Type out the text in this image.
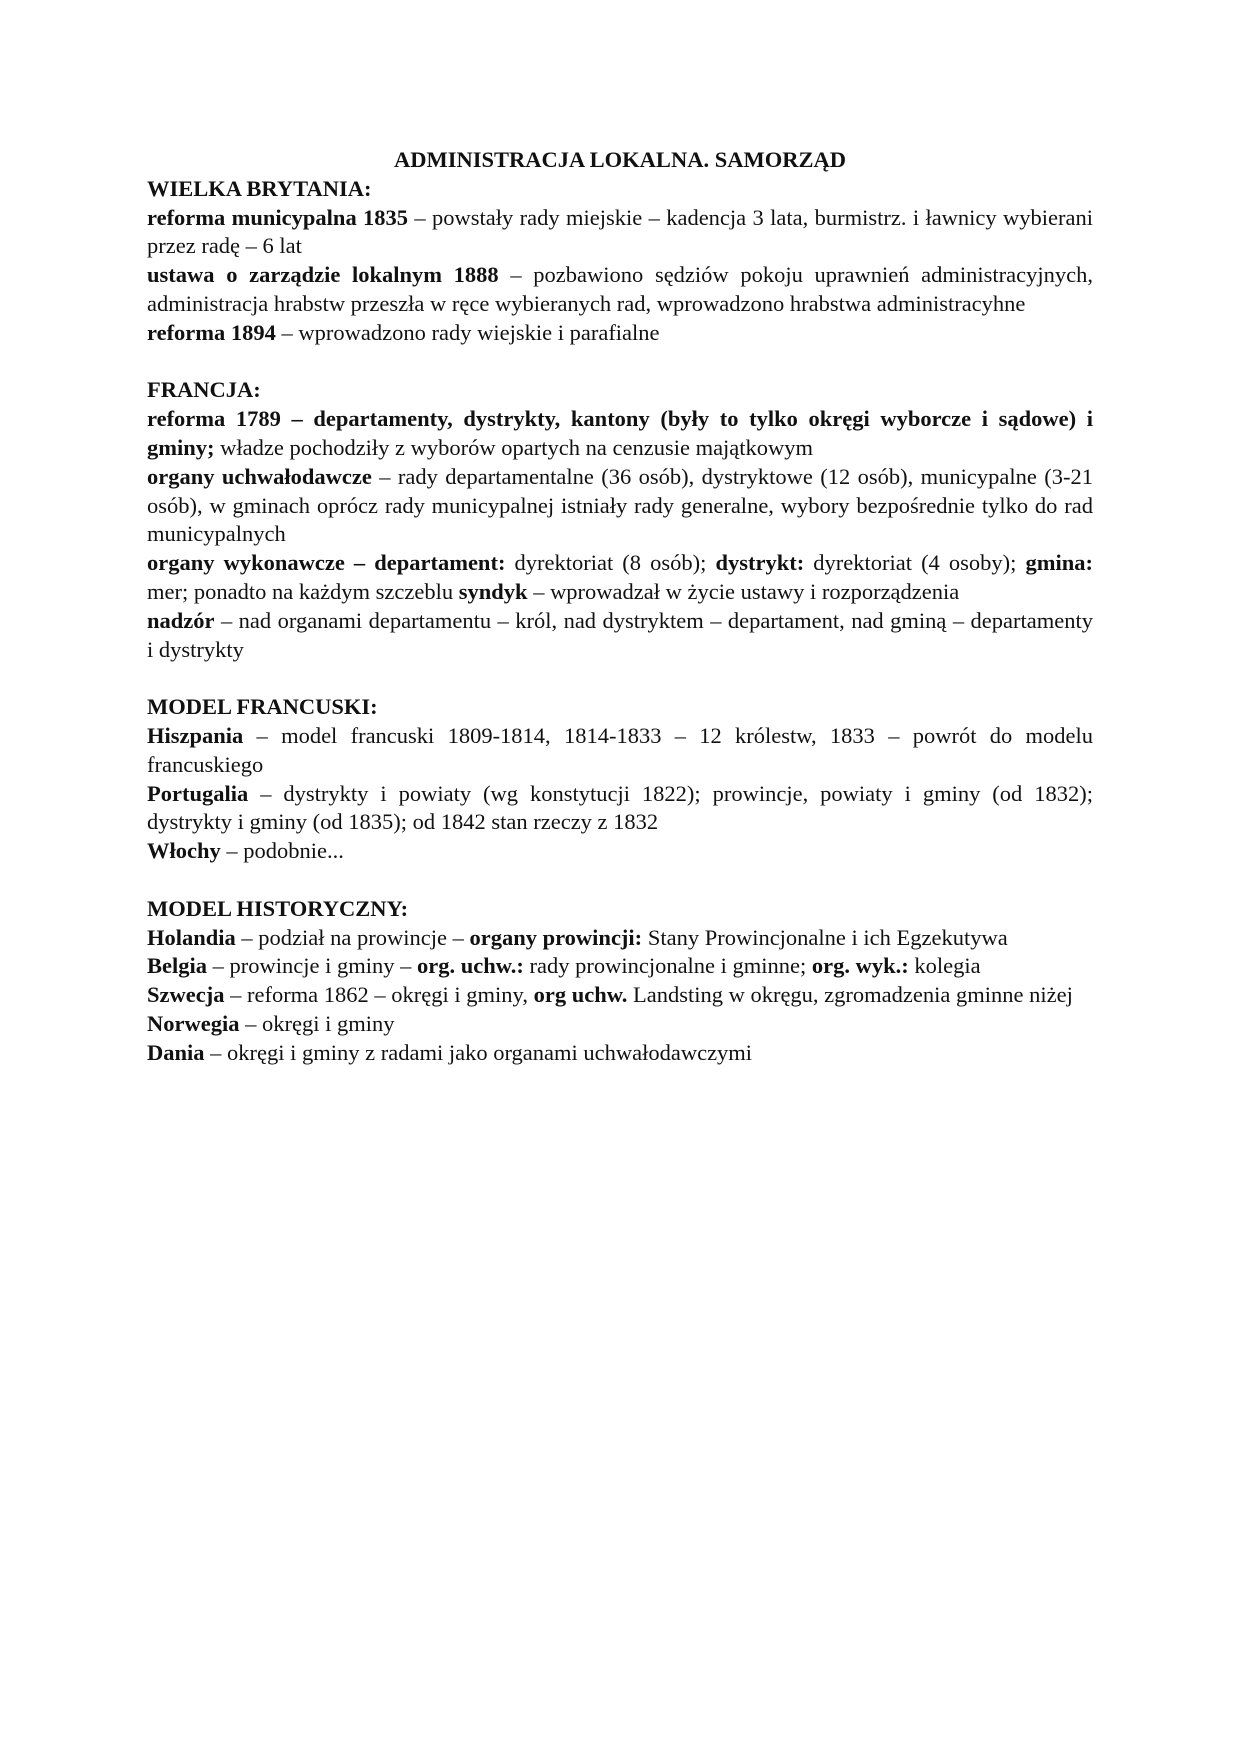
ADMINISTRACJA LOKALNA. SAMORZĄD
WIELKA BRYTANIA:

reforma municypalna 1835 – powstały rady miejskie – kadencja 3 lata, burmistrz. i ławnicy wybierani przez radę – 6 lat

ustawa o zarządzie lokalnym 1888 – pozbawiono sędziów pokoju uprawnień administracyjnych, administracja hrabstw przeszła w ręce wybieranych rad, wprowadzono hrabstwa administracyhne

reforma 1894 – wprowadzono rady wiejskie i parafialne

FRANCJA:

reforma 1789 – departamenty, dystrykty, kantony (były to tylko okręgi wyborcze i sądowe) i gminy; władze pochodziły z wyborów opartych na cenzusie majątkowym

organy uchwałodawcze – rady departamentalne (36 osób), dystryktowe (12 osób), municypalne (3-21 osób), w gminach oprócz rady municypalnej istniały rady generalne, wybory bezpośrednie tylko do rad municypalnych

organy wykonawcze – departament: dyrektoriat (8 osób); dystrykt: dyrektoriat (4 osoby); gmina: mer; ponadto na każdym szczeblu syndyk – wprowadzał w życie ustawy i rozporządzenia

nadzór – nad organami departamentu – król, nad dystryktem – departament, nad gminą – departamenty i dystrykty

MODEL FRANCUSKI:

Hiszpania – model francuski 1809-1814, 1814-1833 – 12 królestw, 1833 – powrót do modelu francuskiego

Portugalia – dystrykty i powiaty (wg konstytucji 1822); prowincje, powiaty i gminy (od 1832); dystrykty i gminy (od 1835); od 1842 stan rzeczy z 1832

Włochy – podobnie...

MODEL HISTORYCZNY:

Holandia – podział na prowincje – organy prowincji: Stany Prowincjonalne i ich Egzekutywa

Belgia – prowincje i gminy – org. uchw.: rady prowincjonalne i gminne; org. wyk.: kolegia

Szwecja – reforma 1862 – okręgi i gminy, org uchw. Landsting w okręgu, zgromadzenia gminne niżej

Norwegia – okręgi i gminy

Dania – okręgi i gminy z radami jako organami uchwałodawczymi
